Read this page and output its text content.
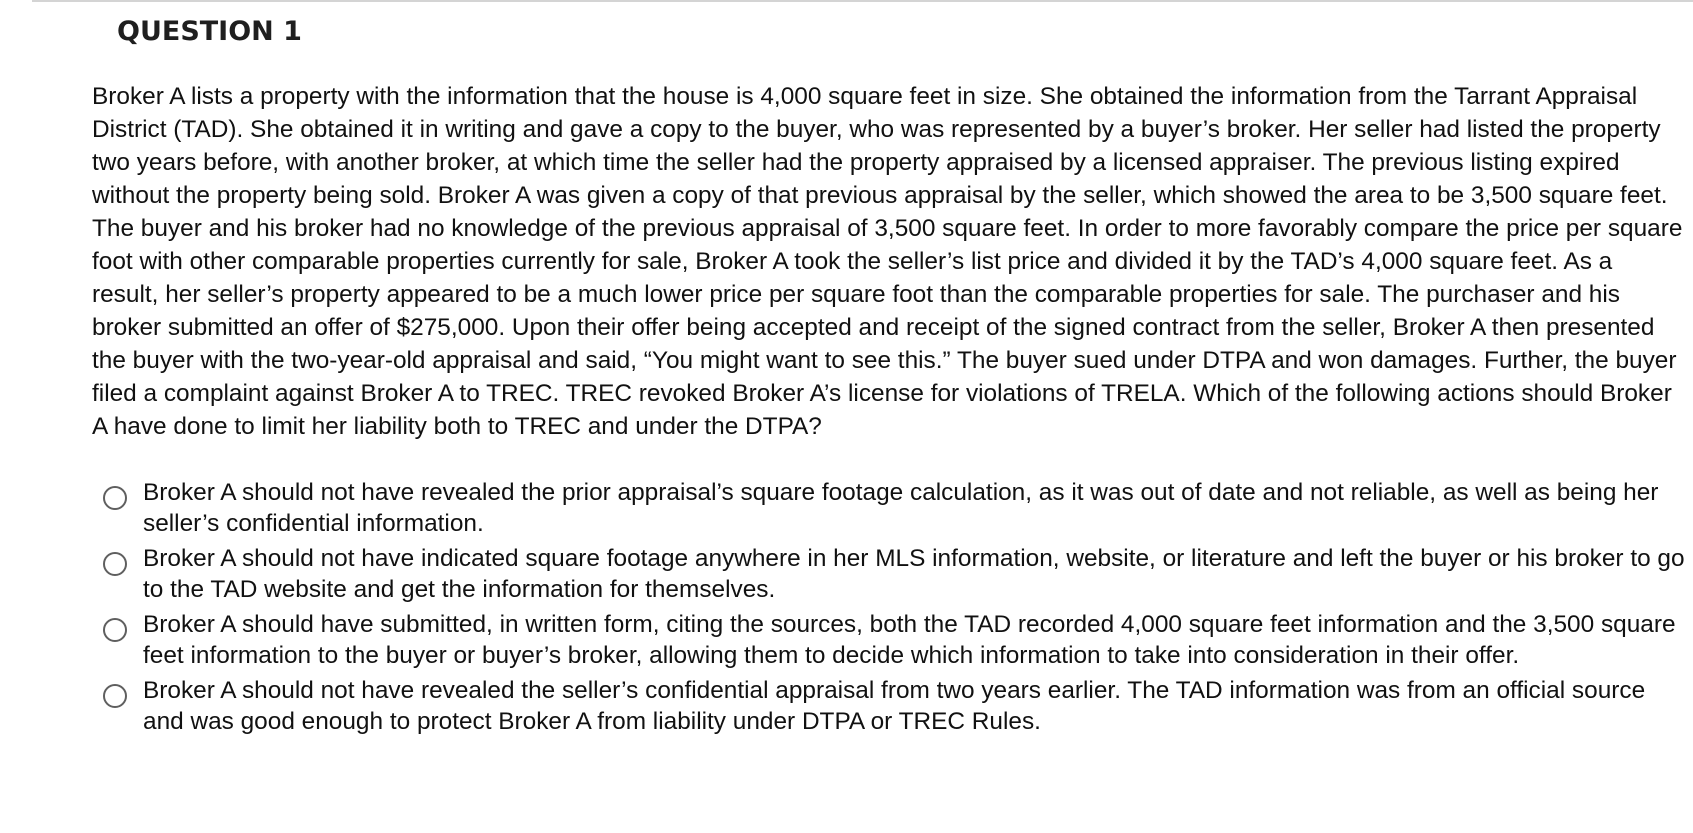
QUESTION 1

Broker A lists a property with the information that the house is 4,000 square feet in size. She obtained the information from the Tarrant Appraisal District (TAD). She obtained it in writing and gave a copy to the buyer, who was represented by a buyer’s broker. Her seller had listed the property two years before, with another broker, at which time the seller had the property appraised by a licensed appraiser. The previous listing expired without the property being sold. Broker A was given a copy of that previous appraisal by the seller, which showed the area to be 3,500 square feet. The buyer and his broker had no knowledge of the previous appraisal of 3,500 square feet. In order to more favorably compare the price per square foot with other comparable properties currently for sale, Broker A took the seller’s list price and divided it by the TAD’s 4,000 square feet. As a result, her seller’s property appeared to be a much lower price per square foot than the comparable properties for sale. The purchaser and his broker submitted an offer of $275,000. Upon their offer being accepted and receipt of the signed contract from the seller, Broker A then presented the buyer with the two-year-old appraisal and said, “You might want to see this.” The buyer sued under DTPA and won damages. Further, the buyer filed a complaint against Broker A to TREC. TREC revoked Broker A’s license for violations of TRELA. Which of the following actions should Broker A have done to limit her liability both to TREC and under the DTPA?

Broker A should not have revealed the prior appraisal’s square footage calculation, as it was out of date and not reliable, as well as being her seller’s confidential information.
Broker A should not have indicated square footage anywhere in her MLS information, website, or literature and left the buyer or his broker to go to the TAD website and get the information for themselves.
Broker A should have submitted, in written form, citing the sources, both the TAD recorded 4,000 square feet information and the 3,500 square feet information to the buyer or buyer’s broker, allowing them to decide which information to take into consideration in their offer.
Broker A should not have revealed the seller’s confidential appraisal from two years earlier. The TAD information was from an official source and was good enough to protect Broker A from liability under DTPA or TREC Rules.
